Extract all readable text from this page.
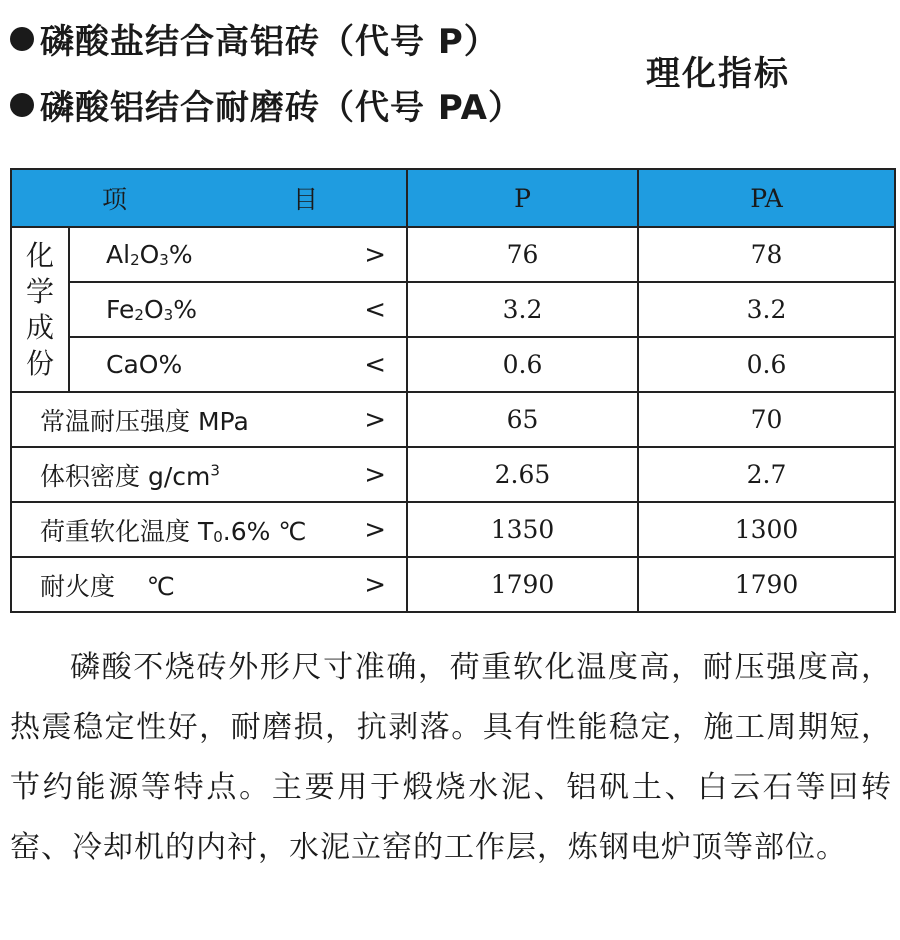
磷酸盐结合高铝砖（代号 P）
磷酸铝结合耐磨砖（代号 PA）
理化指标
项 目		P	PA

化
学
成
份	$Al_2O_3\%$ >	76	78

	$Fe_2O_3\%$ <	3.2	3.2

	CaO% <	0.6	0.6

常温耐压强度 MPa >		65	70

体积密度 $g/cm^3$ >		2.65	2.7

荷重软化温度 $T_0.6\%$ ℃ >		1350	1300

耐火度    ℃ >		1790	1790

磷酸不烧砖外形尺寸准确，荷重软化温度高，耐压强度高，热震稳定性好，耐磨损，抗剥落。具有性能稳定，施工周期短，节约能源等特点。主要用于煅烧水泥、铝矾土、白云石等回转窑、冷却机的内衬，水泥立窑的工作层，炼钢电炉顶等部位。
